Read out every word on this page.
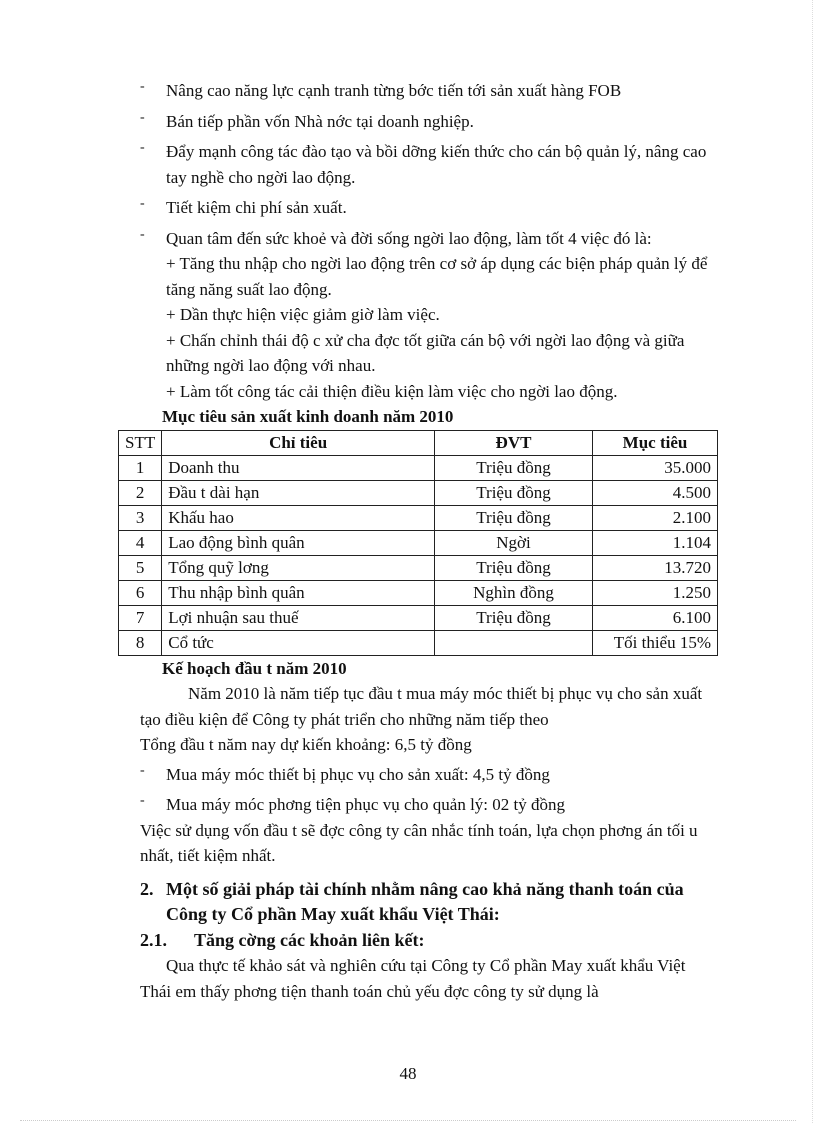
- Nâng cao năng lực cạnh tranh từng bớc tiến tới sản xuất hàng FOB
- Bán tiếp phần vốn Nhà nớc tại doanh nghiệp.
- Đẩy mạnh công tác đào tạo và bồi dỡng kiến thức cho cán bộ quản lý, nâng cao tay nghề cho ngời lao động.
- Tiết kiệm chi phí sản xuất.
- Quan tâm đến sức khoẻ và đời sống ngời lao động, làm tốt 4 việc đó là:

+ Tăng thu nhập cho ngời lao động trên cơ sở áp dụng các biện pháp quản lý để tăng năng suất lao động.

+ Dần thực hiện việc giảm giờ làm việc.

+ Chấn chỉnh thái độ c xử cha đợc tốt giữa cán bộ với ngời lao động và giữa những ngời lao động với nhau.

+ Làm tốt công tác cải thiện điều kiện làm việc cho ngời lao động.

Mục tiêu sản xuất kinh doanh năm 2010

STT	Chỉ tiêu	ĐVT	Mục tiêu
1	Doanh thu	Triệu đồng	35.000
2	Đầu t dài hạn	Triệu đồng	4.500
3	Khấu hao	Triệu đồng	2.100
4	Lao động bình quân	Ngời	1.104
5	Tổng quỹ lơng	Triệu đồng	13.720
6	Thu nhập bình quân	Nghìn đồng	1.250
7	Lợi nhuận sau thuế	Triệu đồng	6.100
8	Cổ tức		Tối thiểu 15%

Kế hoạch đầu t năm 2010

Năm 2010 là năm tiếp tục đầu t mua máy móc thiết bị phục vụ cho sản xuất tạo điều kiện để Công ty phát triển cho những năm tiếp theo

Tổng đầu t năm nay dự kiến khoảng: 6,5 tỷ đồng

- Mua máy móc thiết bị phục vụ cho sản xuất: 4,5 tỷ đồng
- Mua máy móc phơng tiện phục vụ cho quản lý: 02 tỷ đồng

Việc sử dụng vốn đầu t sẽ đợc công ty cân nhắc tính toán, lựa chọn phơng án tối u nhất, tiết kiệm nhất.

2. Một số giải pháp tài chính nhằm nâng cao khả năng thanh toán của
Công ty Cổ phần May xuất khẩu Việt Thái:
2.1. Tăng cờng các khoản liên kết:

Qua thực tế khảo sát và nghiên cứu tại Công ty Cổ phần May xuất khẩu Việt Thái em thấy phơng tiện thanh toán chủ yếu đợc công ty sử dụng là

48
